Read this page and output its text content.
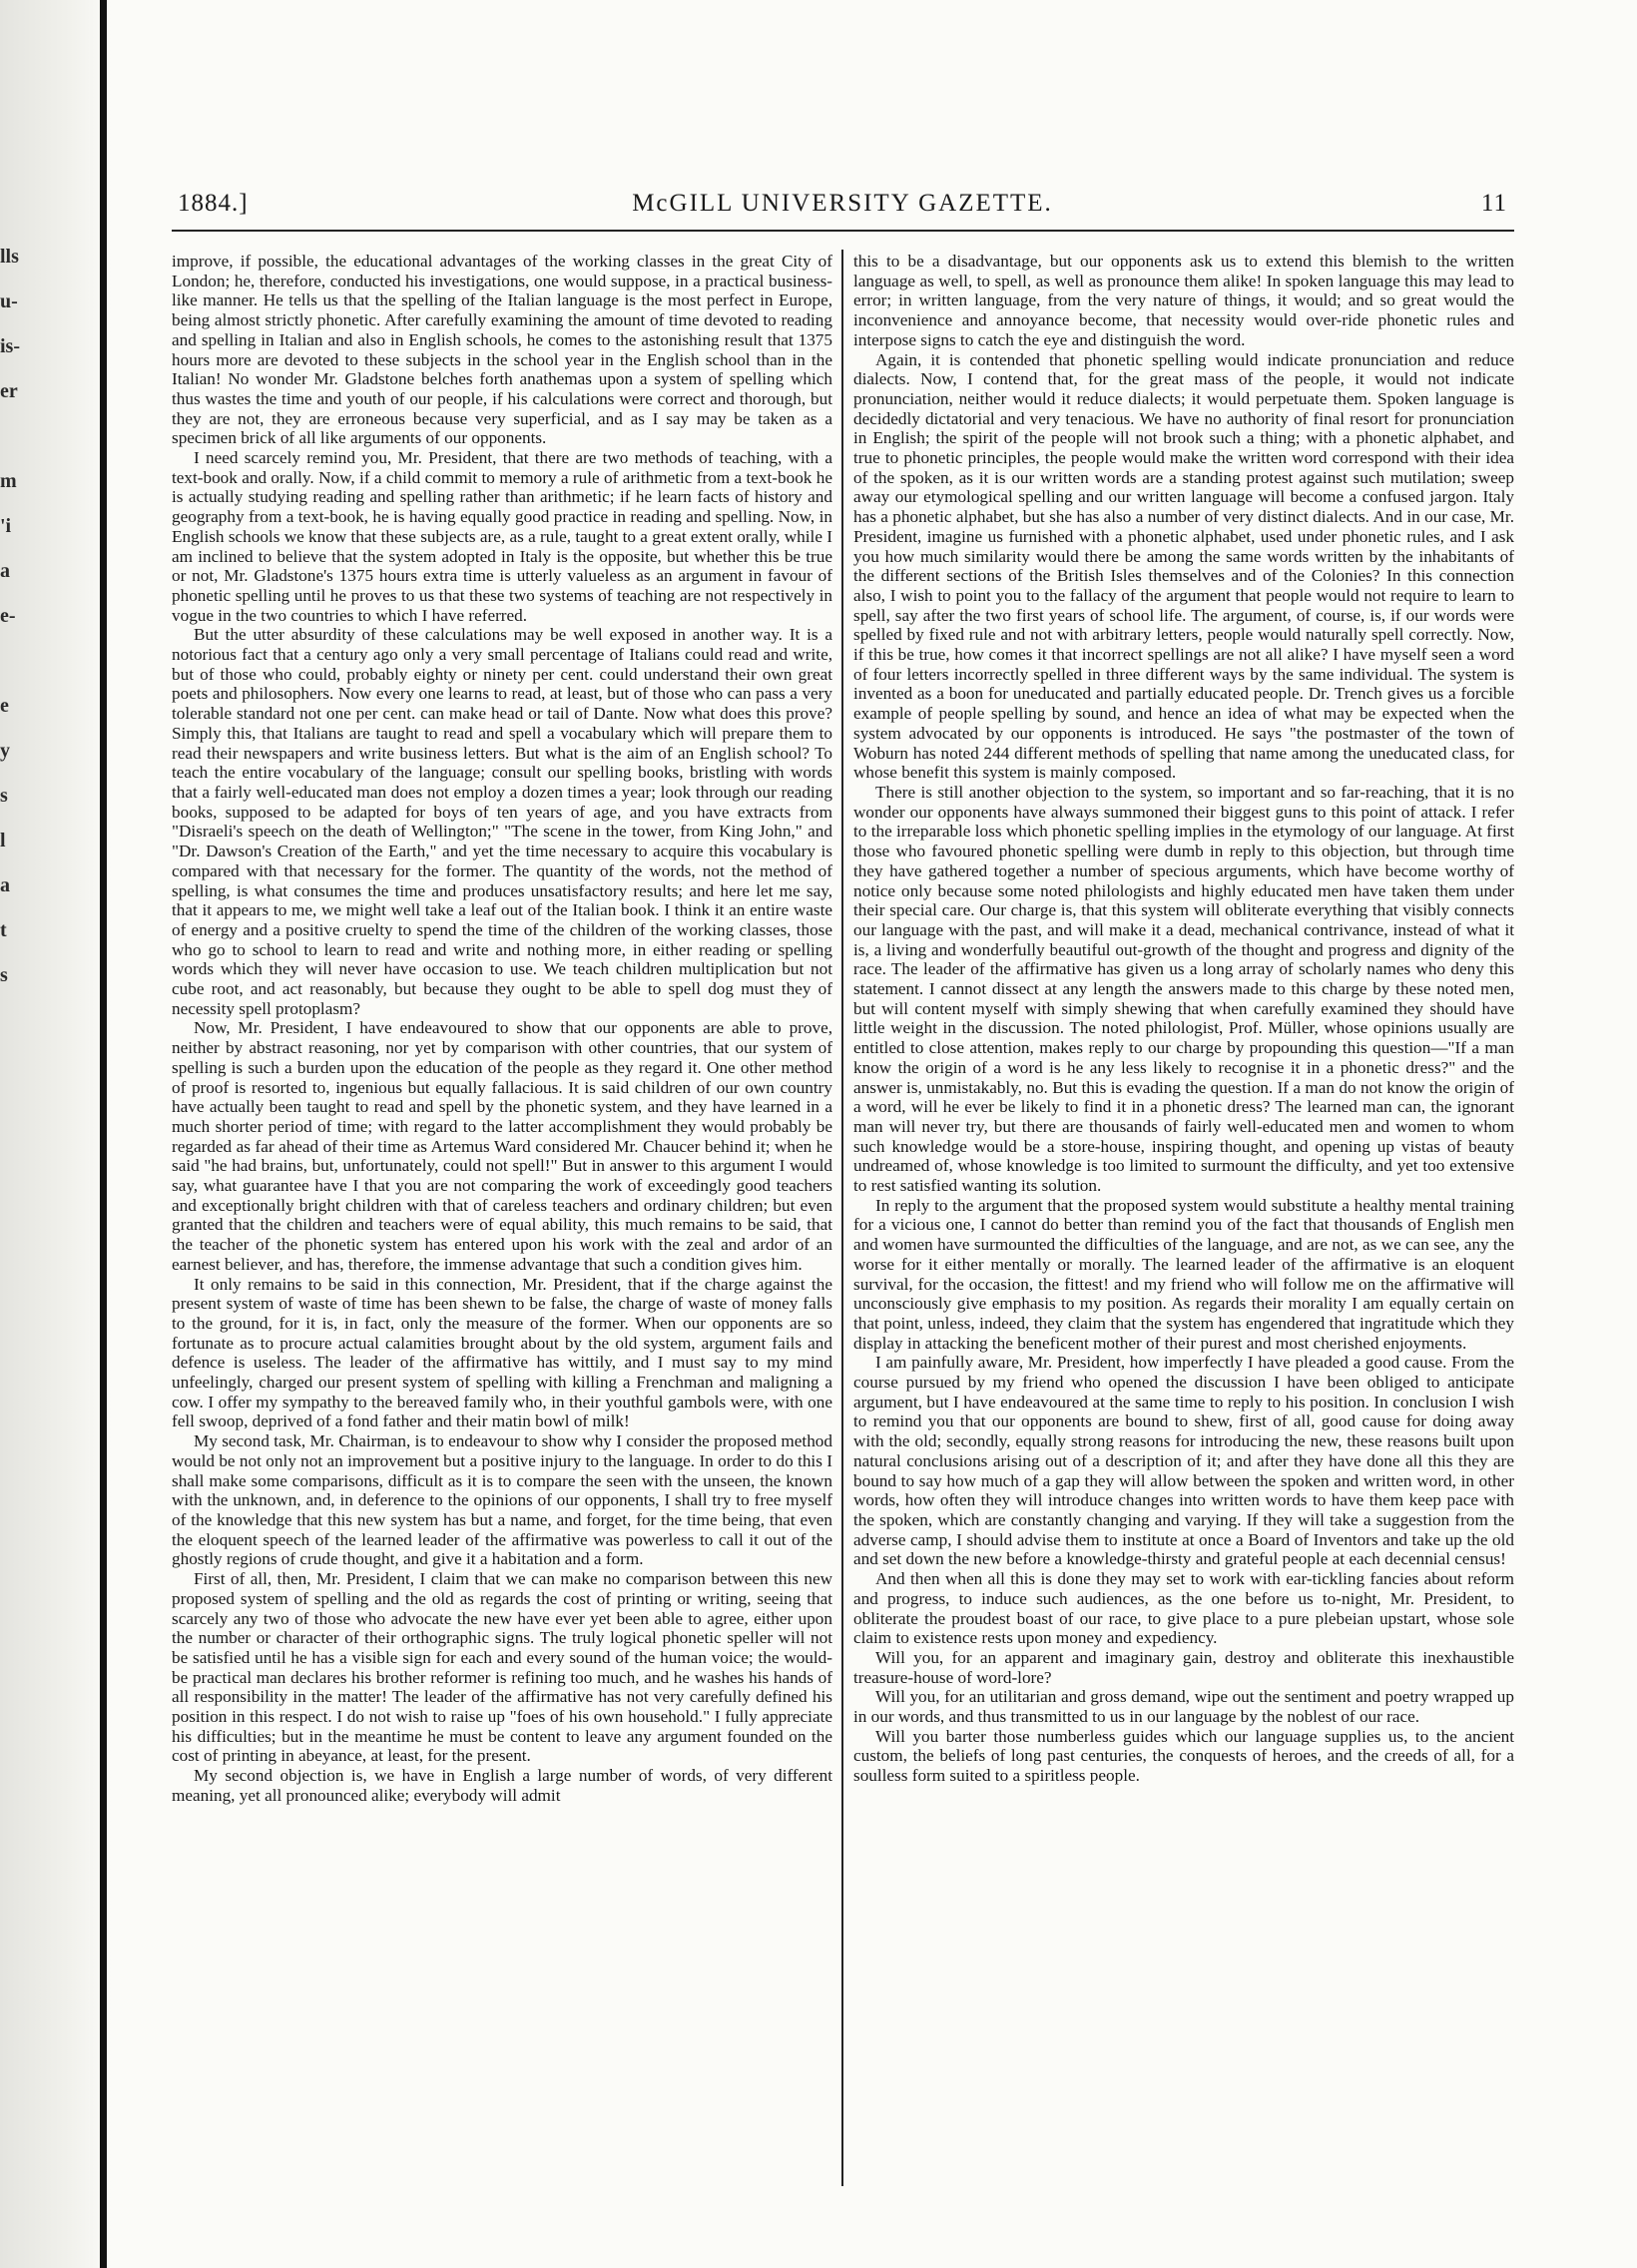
lls
u-
is-
er

m
'i
a
e-

e
y
s
l
a
t
s
1884.]	McGILL UNIVERSITY GAZETTE.	11

improve, if possible, the educational advantages of the working classes in the great City of London; he, therefore, conducted his investigations, one would suppose, in a practical business-like manner. He tells us that the spelling of the Italian language is the most perfect in Europe, being almost strictly phonetic. After carefully examining the amount of time devoted to reading and spelling in Italian and also in English schools, he comes to the astonishing result that 1375 hours more are devoted to these subjects in the school year in the English school than in the Italian! No wonder Mr. Gladstone belches forth anathemas upon a system of spelling which thus wastes the time and youth of our people, if his calculations were correct and thorough, but they are not, they are erroneous because very superficial, and as I say may be taken as a specimen brick of all like arguments of our opponents.

I need scarcely remind you, Mr. President, that there are two methods of teaching, with a text-book and orally. Now, if a child commit to memory a rule of arithmetic from a text-book he is actually studying reading and spelling rather than arithmetic; if he learn facts of history and geography from a text-book, he is having equally good practice in reading and spelling. Now, in English schools we know that these subjects are, as a rule, taught to a great extent orally, while I am inclined to believe that the system adopted in Italy is the opposite, but whether this be true or not, Mr. Gladstone's 1375 hours extra time is utterly valueless as an argument in favour of phonetic spelling until he proves to us that these two systems of teaching are not respectively in vogue in the two countries to which I have referred.

But the utter absurdity of these calculations may be well exposed in another way. It is a notorious fact that a century ago only a very small percentage of Italians could read and write, but of those who could, probably eighty or ninety per cent. could understand their own great poets and philosophers. Now every one learns to read, at least, but of those who can pass a very tolerable standard not one per cent. can make head or tail of Dante. Now what does this prove? Simply this, that Italians are taught to read and spell a vocabulary which will prepare them to read their newspapers and write business letters. But what is the aim of an English school? To teach the entire vocabulary of the language; consult our spelling books, bristling with words that a fairly well-educated man does not employ a dozen times a year; look through our reading books, supposed to be adapted for boys of ten years of age, and you have extracts from "Disraeli's speech on the death of Wellington;" "The scene in the tower, from King John," and "Dr. Dawson's Creation of the Earth," and yet the time necessary to acquire this vocabulary is compared with that necessary for the former. The quantity of the words, not the method of spelling, is what consumes the time and produces unsatisfactory results; and here let me say, that it appears to me, we might well take a leaf out of the Italian book. I think it an entire waste of energy and a positive cruelty to spend the time of the children of the working classes, those who go to school to learn to read and write and nothing more, in either reading or spelling words which they will never have occasion to use. We teach children multiplication but not cube root, and act reasonably, but because they ought to be able to spell dog must they of necessity spell protoplasm?

Now, Mr. President, I have endeavoured to show that our opponents are able to prove, neither by abstract reasoning, nor yet by comparison with other countries, that our system of spelling is such a burden upon the education of the people as they regard it. One other method of proof is resorted to, ingenious but equally fallacious. It is said children of our own country have actually been taught to read and spell by the phonetic system, and they have learned in a much shorter period of time; with regard to the latter accomplishment they would probably be regarded as far ahead of their time as Artemus Ward considered Mr. Chaucer behind it; when he said "he had brains, but, unfortunately, could not spell!" But in answer to this argument I would say, what guarantee have I that you are not comparing the work of exceedingly good teachers and exceptionally bright children with that of careless teachers and ordinary children; but even granted that the children and teachers were of equal ability, this much remains to be said, that the teacher of the phonetic system has entered upon his work with the zeal and ardor of an earnest believer, and has, therefore, the immense advantage that such a condition gives him.

It only remains to be said in this connection, Mr. President, that if the charge against the present system of waste of time has been shewn to be false, the charge of waste of money falls to the ground, for it is, in fact, only the measure of the former. When our opponents are so fortunate as to procure actual calamities brought about by the old system, argument fails and defence is useless. The leader of the affirmative has wittily, and I must say to my mind unfeelingly, charged our present system of spelling with killing a Frenchman and maligning a cow. I offer my sympathy to the bereaved family who, in their youthful gambols were, with one fell swoop, deprived of a fond father and their matin bowl of milk!

My second task, Mr. Chairman, is to endeavour to show why I consider the proposed method would be not only not an improvement but a positive injury to the language. In order to do this I shall make some comparisons, difficult as it is to compare the seen with the unseen, the known with the unknown, and, in deference to the opinions of our opponents, I shall try to free myself of the knowledge that this new system has but a name, and forget, for the time being, that even the eloquent speech of the learned leader of the affirmative was powerless to call it out of the ghostly regions of crude thought, and give it a habitation and a form.

First of all, then, Mr. President, I claim that we can make no comparison between this new proposed system of spelling and the old as regards the cost of printing or writing, seeing that scarcely any two of those who advocate the new have ever yet been able to agree, either upon the number or character of their orthographic signs. The truly logical phonetic speller will not be satisfied until he has a visible sign for each and every sound of the human voice; the would-be practical man declares his brother reformer is refining too much, and he washes his hands of all responsibility in the matter! The leader of the affirmative has not very carefully defined his position in this respect. I do not wish to raise up "foes of his own household." I fully appreciate his difficulties; but in the meantime he must be content to leave any argument founded on the cost of printing in abeyance, at least, for the present.

My second objection is, we have in English a large number of words, of very different meaning, yet all pronounced alike; everybody will admit

this to be a disadvantage, but our opponents ask us to extend this blemish to the written language as well, to spell, as well as pronounce them alike! In spoken language this may lead to error; in written language, from the very nature of things, it would; and so great would the inconvenience and annoyance become, that necessity would over-ride phonetic rules and interpose signs to catch the eye and distinguish the word.

Again, it is contended that phonetic spelling would indicate pronunciation and reduce dialects. Now, I contend that, for the great mass of the people, it would not indicate pronunciation, neither would it reduce dialects; it would perpetuate them. Spoken language is decidedly dictatorial and very tenacious. We have no authority of final resort for pronunciation in English; the spirit of the people will not brook such a thing; with a phonetic alphabet, and true to phonetic principles, the people would make the written word correspond with their idea of the spoken, as it is our written words are a standing protest against such mutilation; sweep away our etymological spelling and our written language will become a confused jargon. Italy has a phonetic alphabet, but she has also a number of very distinct dialects. And in our case, Mr. President, imagine us furnished with a phonetic alphabet, used under phonetic rules, and I ask you how much similarity would there be among the same words written by the inhabitants of the different sections of the British Isles themselves and of the Colonies? In this connection also, I wish to point you to the fallacy of the argument that people would not require to learn to spell, say after the two first years of school life. The argument, of course, is, if our words were spelled by fixed rule and not with arbitrary letters, people would naturally spell correctly. Now, if this be true, how comes it that incorrect spellings are not all alike? I have myself seen a word of four letters incorrectly spelled in three different ways by the same individual. The system is invented as a boon for uneducated and partially educated people. Dr. Trench gives us a forcible example of people spelling by sound, and hence an idea of what may be expected when the system advocated by our opponents is introduced. He says "the postmaster of the town of Woburn has noted 244 different methods of spelling that name among the uneducated class, for whose benefit this system is mainly composed.

There is still another objection to the system, so important and so far-reaching, that it is no wonder our opponents have always summoned their biggest guns to this point of attack. I refer to the irreparable loss which phonetic spelling implies in the etymology of our language. At first those who favoured phonetic spelling were dumb in reply to this objection, but through time they have gathered together a number of specious arguments, which have become worthy of notice only because some noted philologists and highly educated men have taken them under their special care. Our charge is, that this system will obliterate everything that visibly connects our language with the past, and will make it a dead, mechanical contrivance, instead of what it is, a living and wonderfully beautiful out-growth of the thought and progress and dignity of the race. The leader of the affirmative has given us a long array of scholarly names who deny this statement. I cannot dissect at any length the answers made to this charge by these noted men, but will content myself with simply shewing that when carefully examined they should have little weight in the discussion. The noted philologist, Prof. Müller, whose opinions usually are entitled to close attention, makes reply to our charge by propounding this question—"If a man know the origin of a word is he any less likely to recognise it in a phonetic dress?" and the answer is, unmistakably, no. But this is evading the question. If a man do not know the origin of a word, will he ever be likely to find it in a phonetic dress? The learned man can, the ignorant man will never try, but there are thousands of fairly well-educated men and women to whom such knowledge would be a store-house, inspiring thought, and opening up vistas of beauty undreamed of, whose knowledge is too limited to surmount the difficulty, and yet too extensive to rest satisfied wanting its solution.

In reply to the argument that the proposed system would substitute a healthy mental training for a vicious one, I cannot do better than remind you of the fact that thousands of English men and women have surmounted the difficulties of the language, and are not, as we can see, any the worse for it either mentally or morally. The learned leader of the affirmative is an eloquent survival, for the occasion, the fittest! and my friend who will follow me on the affirmative will unconsciously give emphasis to my position. As regards their morality I am equally certain on that point, unless, indeed, they claim that the system has engendered that ingratitude which they display in attacking the beneficent mother of their purest and most cherished enjoyments.

I am painfully aware, Mr. President, how imperfectly I have pleaded a good cause. From the course pursued by my friend who opened the discussion I have been obliged to anticipate argument, but I have endeavoured at the same time to reply to his position. In conclusion I wish to remind you that our opponents are bound to shew, first of all, good cause for doing away with the old; secondly, equally strong reasons for introducing the new, these reasons built upon natural conclusions arising out of a description of it; and after they have done all this they are bound to say how much of a gap they will allow between the spoken and written word, in other words, how often they will introduce changes into written words to have them keep pace with the spoken, which are constantly changing and varying. If they will take a suggestion from the adverse camp, I should advise them to institute at once a Board of Inventors and take up the old and set down the new before a knowledge-thirsty and grateful people at each decennial census!

And then when all this is done they may set to work with ear-tickling fancies about reform and progress, to induce such audiences, as the one before us to-night, Mr. President, to obliterate the proudest boast of our race, to give place to a pure plebeian upstart, whose sole claim to existence rests upon money and expediency.

Will you, for an apparent and imaginary gain, destroy and obliterate this inexhaustible treasure-house of word-lore?

Will you, for an utilitarian and gross demand, wipe out the sentiment and poetry wrapped up in our words, and thus transmitted to us in our language by the noblest of our race.

Will you barter those numberless guides which our language supplies us, to the ancient custom, the beliefs of long past centuries, the conquests of heroes, and the creeds of all, for a soulless form suited to a spiritless people.
